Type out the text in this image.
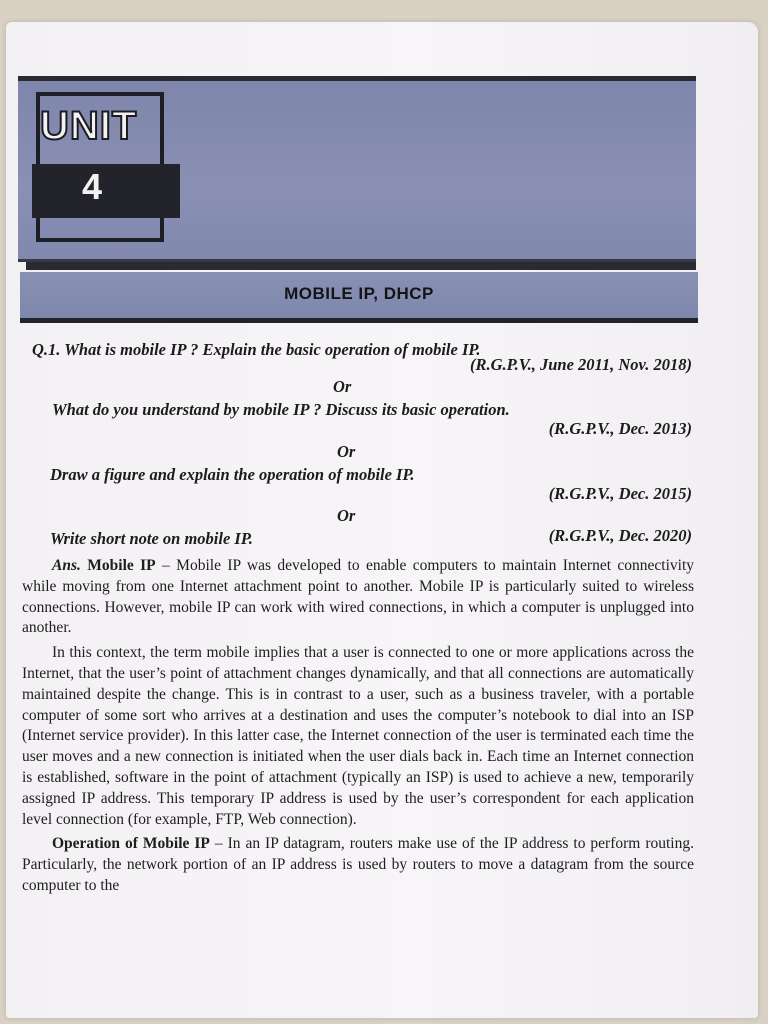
UNIT
4
MOBILE IP, DHCP
Q.1. What is mobile IP ? Explain the basic operation of mobile IP.
(R.G.P.V., June 2011, Nov. 2018)
Or
What do you understand by mobile IP ? Discuss its basic operation.
(R.G.P.V., Dec. 2013)
Or
Draw a figure and explain the operation of mobile IP.
(R.G.P.V., Dec. 2015)
Or
Write short note on mobile IP.	(R.G.P.V., Dec. 2020)

Ans. Mobile IP – Mobile IP was developed to enable computers to maintain Internet connectivity while moving from one Internet attachment point to another. Mobile IP is particularly suited to wireless connections. However, mobile IP can work with wired connections, in which a computer is unplugged into another.

In this context, the term mobile implies that a user is connected to one or more applications across the Internet, that the user’s point of attachment changes dynamically, and that all connections are automatically maintained despite the change. This is in contrast to a user, such as a business traveler, with a portable computer of some sort who arrives at a destination and uses the computer’s notebook to dial into an ISP (Internet service provider). In this latter case, the Internet connection of the user is terminated each time the user moves and a new connection is initiated when the user dials back in. Each time an Internet connection is established, software in the point of attachment (typically an ISP) is used to achieve a new, temporarily assigned IP address. This temporary IP address is used by the user’s correspondent for each application level connection (for example, FTP, Web connection).

Operation of Mobile IP – In an IP datagram, routers make use of the IP address to perform routing. Particularly, the network portion of an IP address is used by routers to move a datagram from the source computer to the
